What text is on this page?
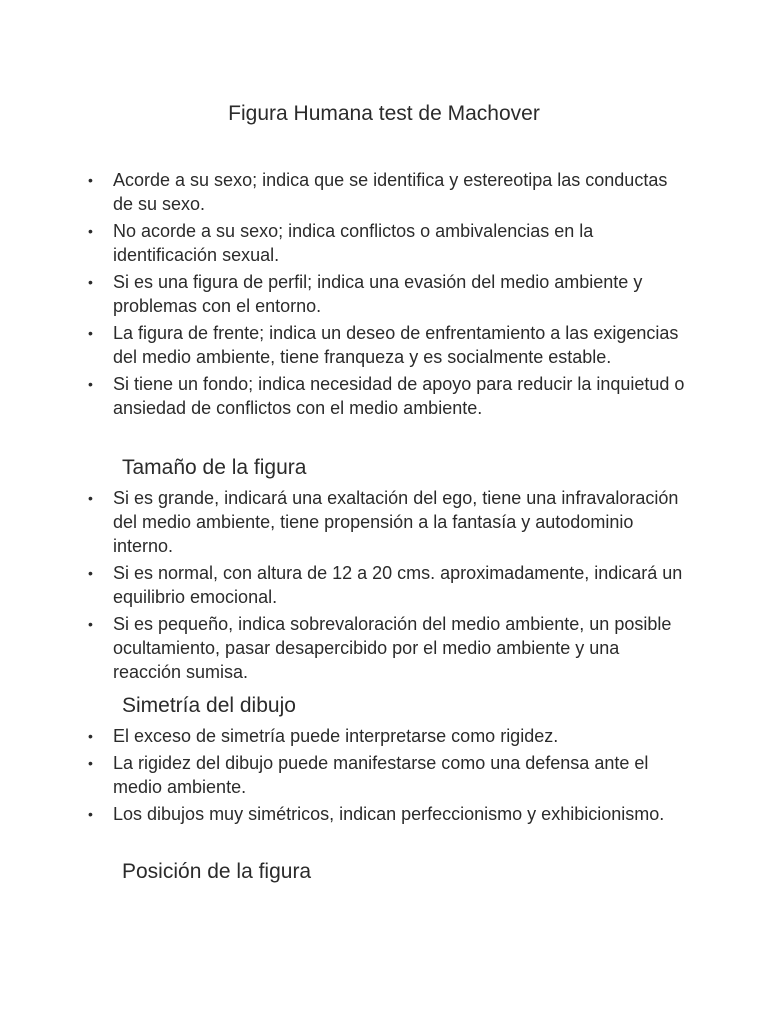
Figura Humana test de Machover
• Acorde a su sexo; indica que se identifica y estereotipa las conductas de su sexo.
• No acorde a su sexo; indica conflictos o ambivalencias en la identificación sexual.
• Si es una figura de perfil; indica una evasión del medio ambiente y problemas con el entorno.
• La figura de frente; indica un deseo de enfrentamiento a las exigencias del medio ambiente, tiene franqueza y es socialmente estable.
• Si tiene un fondo; indica necesidad de apoyo para reducir la inquietud o ansiedad de conflictos con el medio ambiente.
Tamaño de la figura
• Si es grande, indicará una exaltación del ego, tiene una infravaloración del medio ambiente, tiene propensión a la fantasía y autodominio interno.
• Si es normal, con altura de 12 a 20 cms. aproximadamente, indicará un equilibrio emocional.
• Si es pequeño, indica sobrevaloración del medio ambiente, un posible ocultamiento, pasar desapercibido por el medio ambiente y una reacción sumisa.
Simetría del dibujo
• El exceso de simetría puede interpretarse como rigidez.
• La rigidez del dibujo puede manifestarse como una defensa ante el medio ambiente.
• Los dibujos muy simétricos, indican perfeccionismo y exhibicionismo.
Posición de la figura
